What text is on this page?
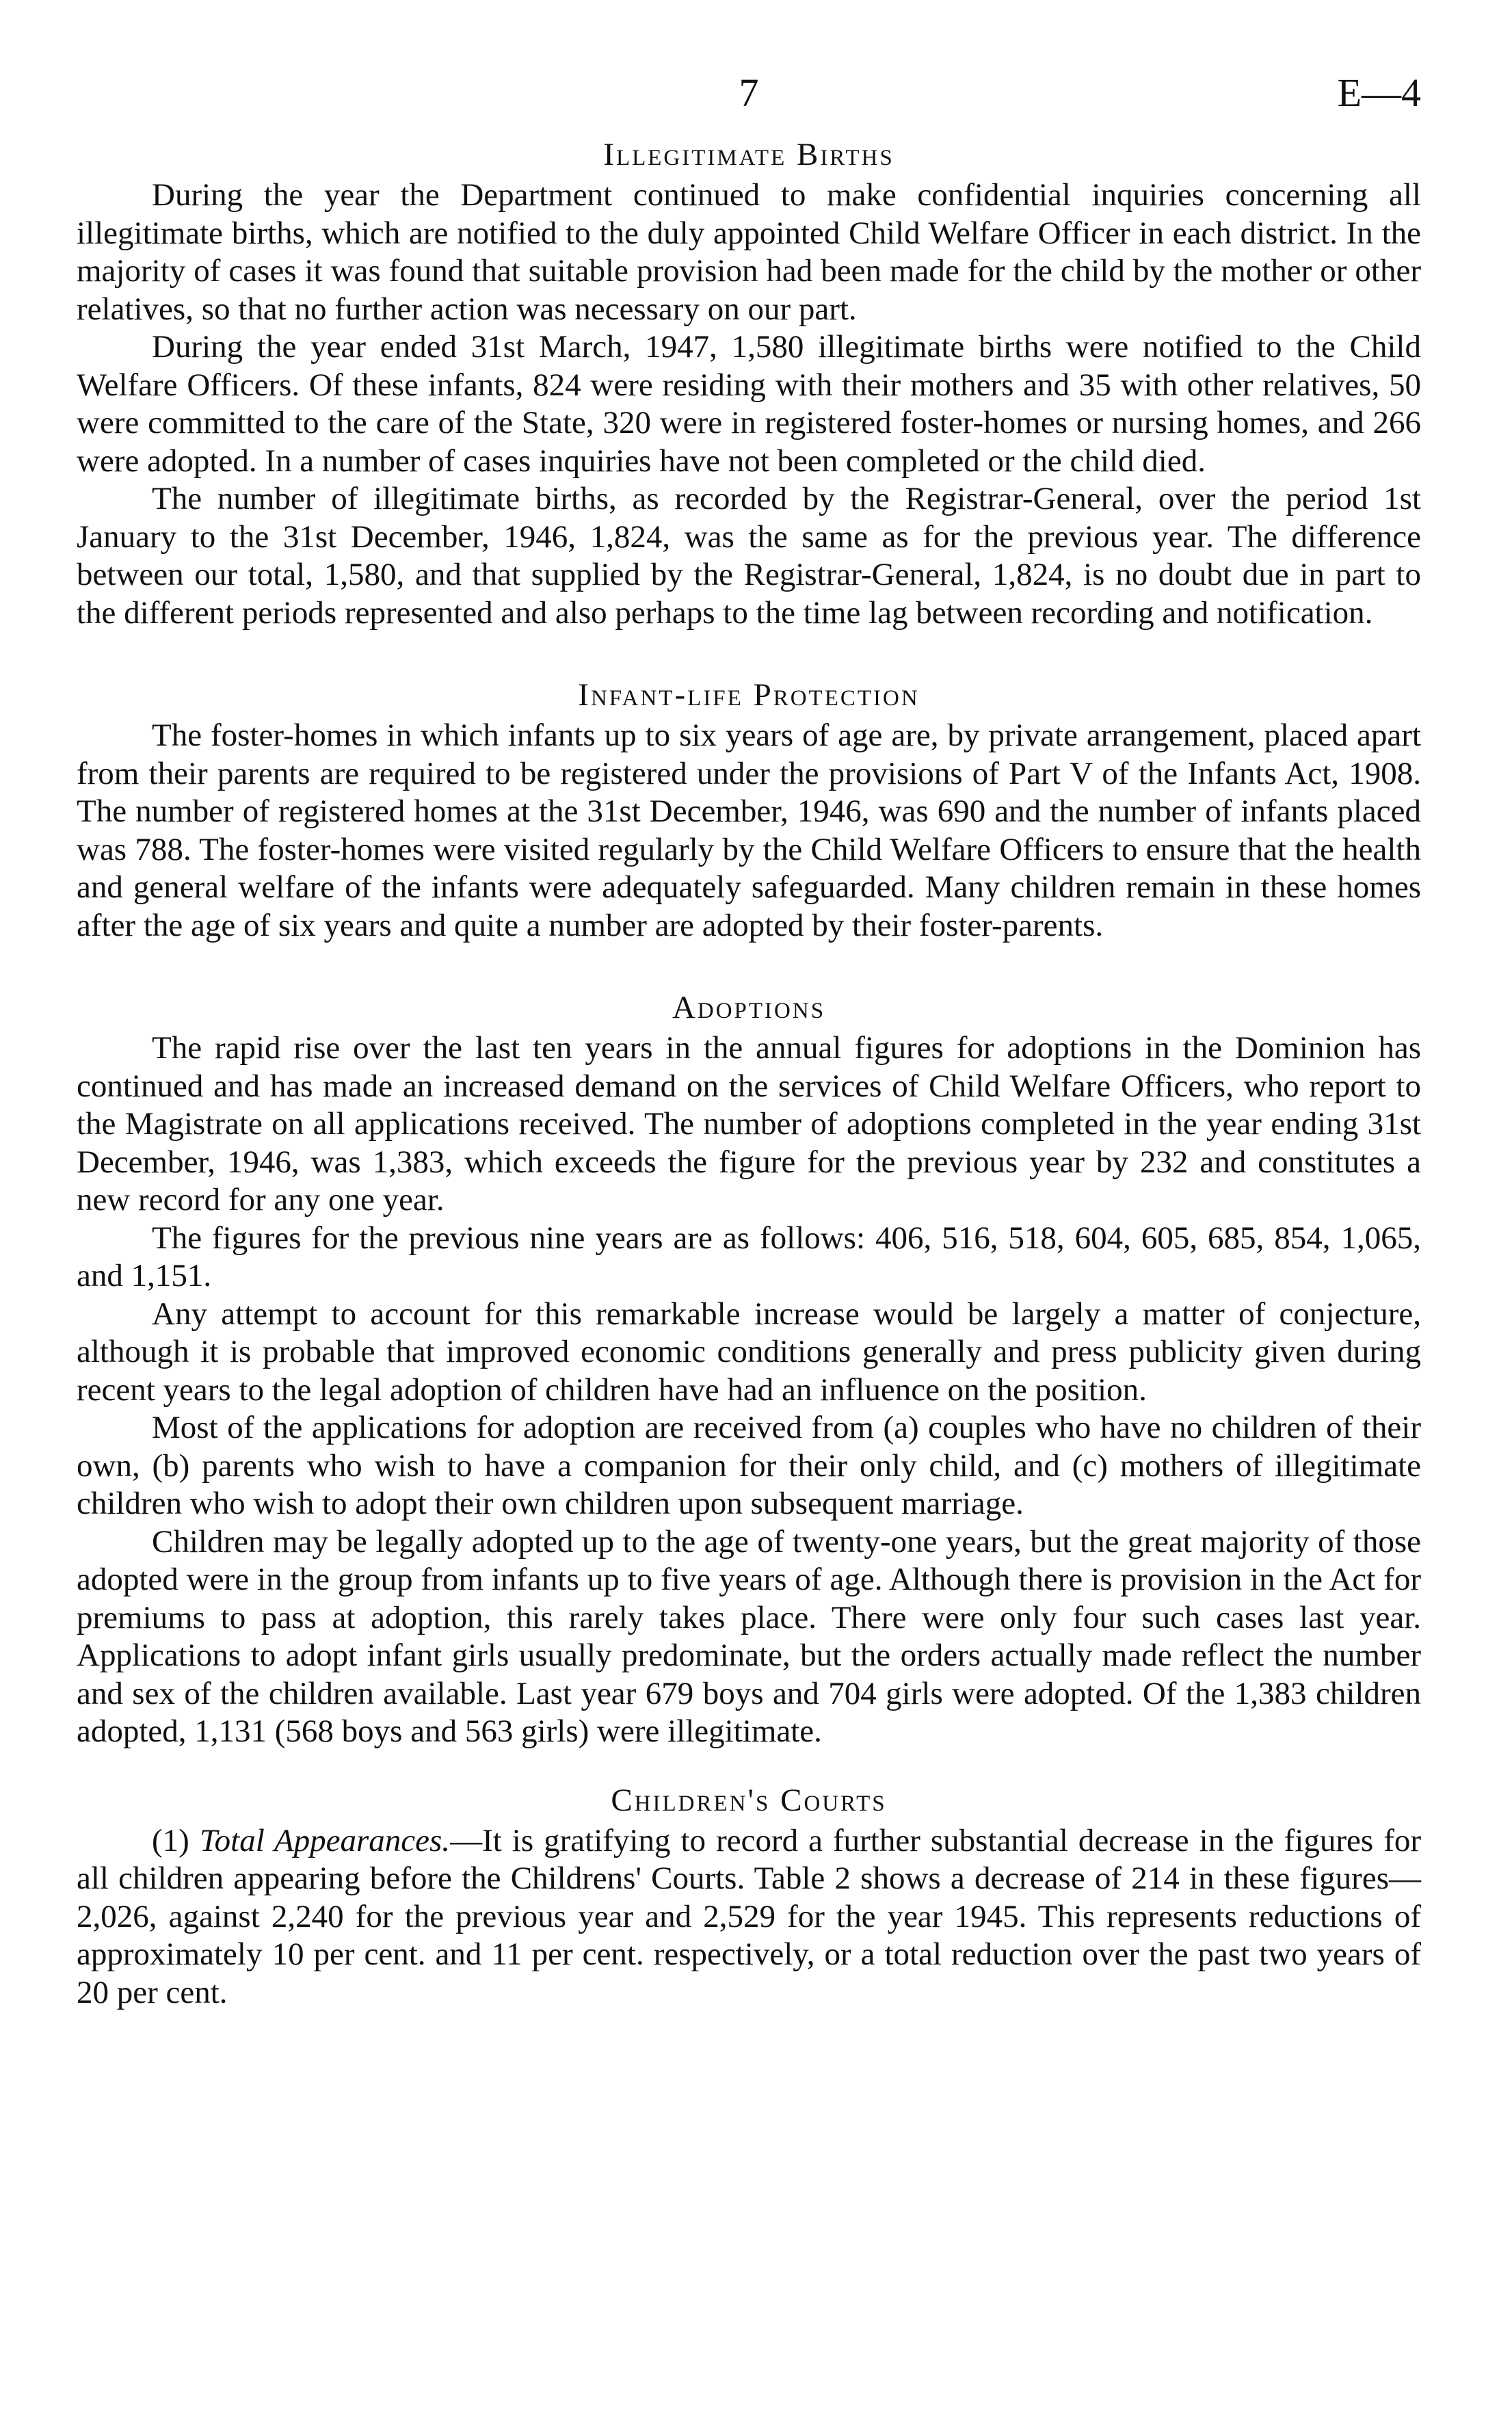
7	E—4
Illegitimate Births

During the year the Department continued to make confidential inquiries concerning all illegitimate births, which are notified to the duly appointed Child Welfare Officer in each district. In the majority of cases it was found that suitable provision had been made for the child by the mother or other relatives, so that no further action was necessary on our part.

During the year ended 31st March, 1947, 1,580 illegitimate births were notified to the Child Welfare Officers. Of these infants, 824 were residing with their mothers and 35 with other relatives, 50 were committed to the care of the State, 320 were in registered foster-homes or nursing homes, and 266 were adopted. In a number of cases inquiries have not been completed or the child died.

The number of illegitimate births, as recorded by the Registrar-General, over the period 1st January to the 31st December, 1946, 1,824, was the same as for the previous year. The difference between our total, 1,580, and that supplied by the Registrar-General, 1,824, is no doubt due in part to the different periods represented and also perhaps to the time lag between recording and notification.

Infant-life Protection

The foster-homes in which infants up to six years of age are, by private arrangement, placed apart from their parents are required to be registered under the provisions of Part V of the Infants Act, 1908. The number of registered homes at the 31st December, 1946, was 690 and the number of infants placed was 788. The foster-homes were visited regularly by the Child Welfare Officers to ensure that the health and general welfare of the infants were adequately safeguarded. Many children remain in these homes after the age of six years and quite a number are adopted by their foster-parents.

Adoptions

The rapid rise over the last ten years in the annual figures for adoptions in the Dominion has continued and has made an increased demand on the services of Child Welfare Officers, who report to the Magistrate on all applications received. The number of adoptions completed in the year ending 31st December, 1946, was 1,383, which exceeds the figure for the previous year by 232 and constitutes a new record for any one year.

The figures for the previous nine years are as follows: 406, 516, 518, 604, 605, 685, 854, 1,065, and 1,151.

Any attempt to account for this remarkable increase would be largely a matter of conjecture, although it is probable that improved economic conditions generally and press publicity given during recent years to the legal adoption of children have had an influence on the position.

Most of the applications for adoption are received from (a) couples who have no children of their own, (b) parents who wish to have a companion for their only child, and (c) mothers of illegitimate children who wish to adopt their own children upon subsequent marriage.

Children may be legally adopted up to the age of twenty-one years, but the great majority of those adopted were in the group from infants up to five years of age. Although there is provision in the Act for premiums to pass at adoption, this rarely takes place. There were only four such cases last year. Applications to adopt infant girls usually predominate, but the orders actually made reflect the number and sex of the children available. Last year 679 boys and 704 girls were adopted. Of the 1,383 children adopted, 1,131 (568 boys and 563 girls) were illegitimate.

Children's Courts

(1) Total Appearances.—It is gratifying to record a further substantial decrease in the figures for all children appearing before the Childrens' Courts. Table 2 shows a decrease of 214 in these figures—2,026, against 2,240 for the previous year and 2,529 for the year 1945. This represents reductions of approximately 10 per cent. and 11 per cent. respectively, or a total reduction over the past two years of 20 per cent.
